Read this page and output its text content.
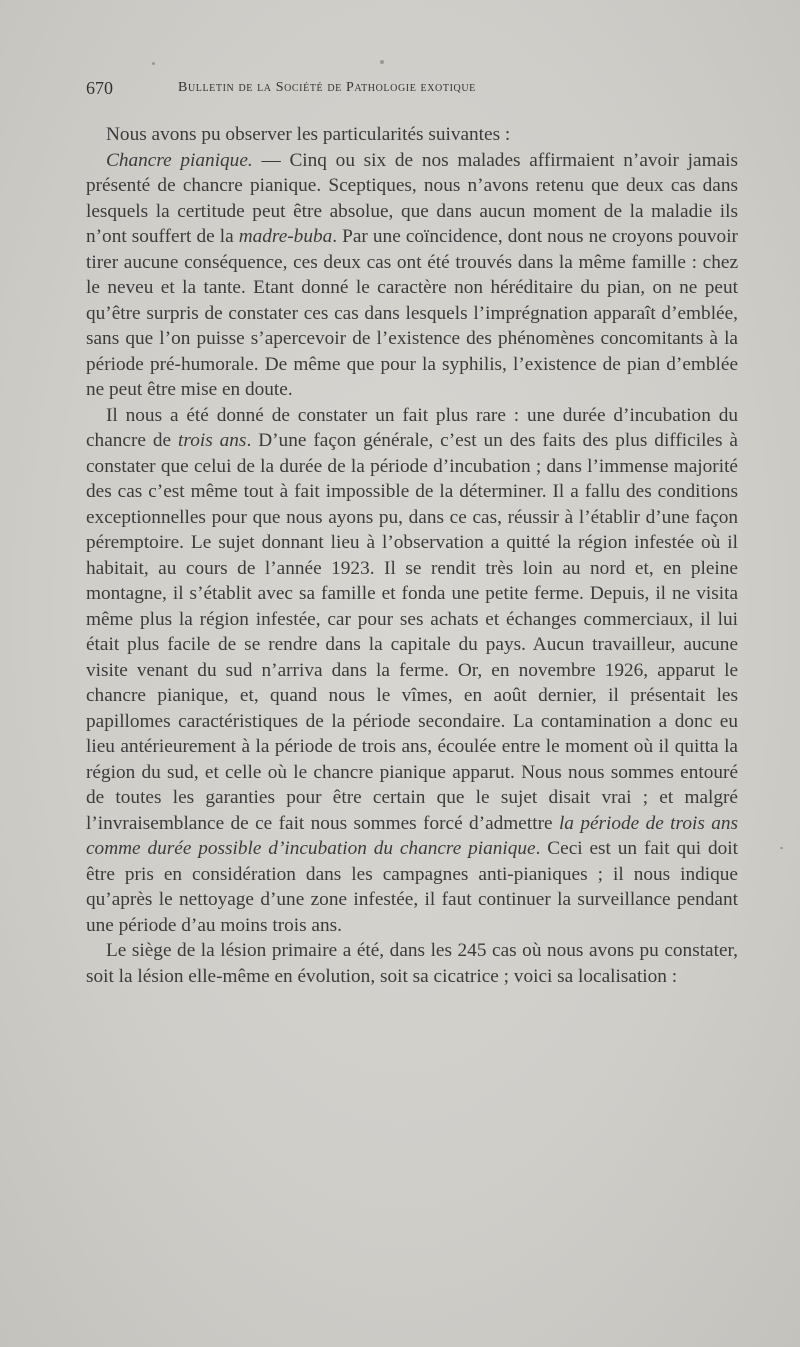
670	Bulletin de la Société de Pathologie exotique

Nous avons pu observer les particularités suivantes :

Chancre pianique. — Cinq ou six de nos malades affirmaient n’avoir jamais présenté de chancre pianique. Sceptiques, nous n’avons retenu que deux cas dans lesquels la certitude peut être absolue, que dans aucun moment de la maladie ils n’ont souffert de la madre-buba. Par une coïncidence, dont nous ne croyons pouvoir tirer aucune conséquence, ces deux cas ont été trouvés dans la même famille : chez le neveu et la tante. Etant donné le caractère non héréditaire du pian, on ne peut qu’être surpris de constater ces cas dans lesquels l’imprégnation apparaît d’emblée, sans que l’on puisse s’apercevoir de l’existence des phénomènes concomitants à la période pré-humorale. De même que pour la syphilis, l’existence de pian d’emblée ne peut être mise en doute.

Il nous a été donné de constater un fait plus rare : une durée d’incubation du chancre de trois ans. D’une façon générale, c’est un des faits des plus difficiles à constater que celui de la durée de la période d’incubation ; dans l’immense majorité des cas c’est même tout à fait impossible de la déterminer. Il a fallu des conditions exceptionnelles pour que nous ayons pu, dans ce cas, réussir à l’établir d’une façon péremptoire. Le sujet donnant lieu à l’observation a quitté la région infestée où il habitait, au cours de l’année 1923. Il se rendit très loin au nord et, en pleine montagne, il s’établit avec sa famille et fonda une petite ferme. Depuis, il ne visita même plus la région infestée, car pour ses achats et échanges commerciaux, il lui était plus facile de se rendre dans la capitale du pays. Aucun travailleur, aucune visite venant du sud n’arriva dans la ferme. Or, en novembre 1926, apparut le chancre pianique, et, quand nous le vîmes, en août dernier, il présentait les papillomes caractéristiques de la période secondaire. La contamination a donc eu lieu antérieurement à la période de trois ans, écoulée entre le moment où il quitta la région du sud, et celle où le chancre pianique apparut. Nous nous sommes entouré de toutes les garanties pour être certain que le sujet disait vrai ; et malgré l’invraisemblance de ce fait nous sommes forcé d’admettre la période de trois ans comme durée possible d’incubation du chancre pianique. Ceci est un fait qui doit être pris en considération dans les campagnes anti-pianiques ; il nous indique qu’après le nettoyage d’une zone infestée, il faut continuer la surveillance pendant une période d’au moins trois ans.

Le siège de la lésion primaire a été, dans les 245 cas où nous avons pu constater, soit la lésion elle-même en évolution, soit sa cicatrice ; voici sa localisation :
